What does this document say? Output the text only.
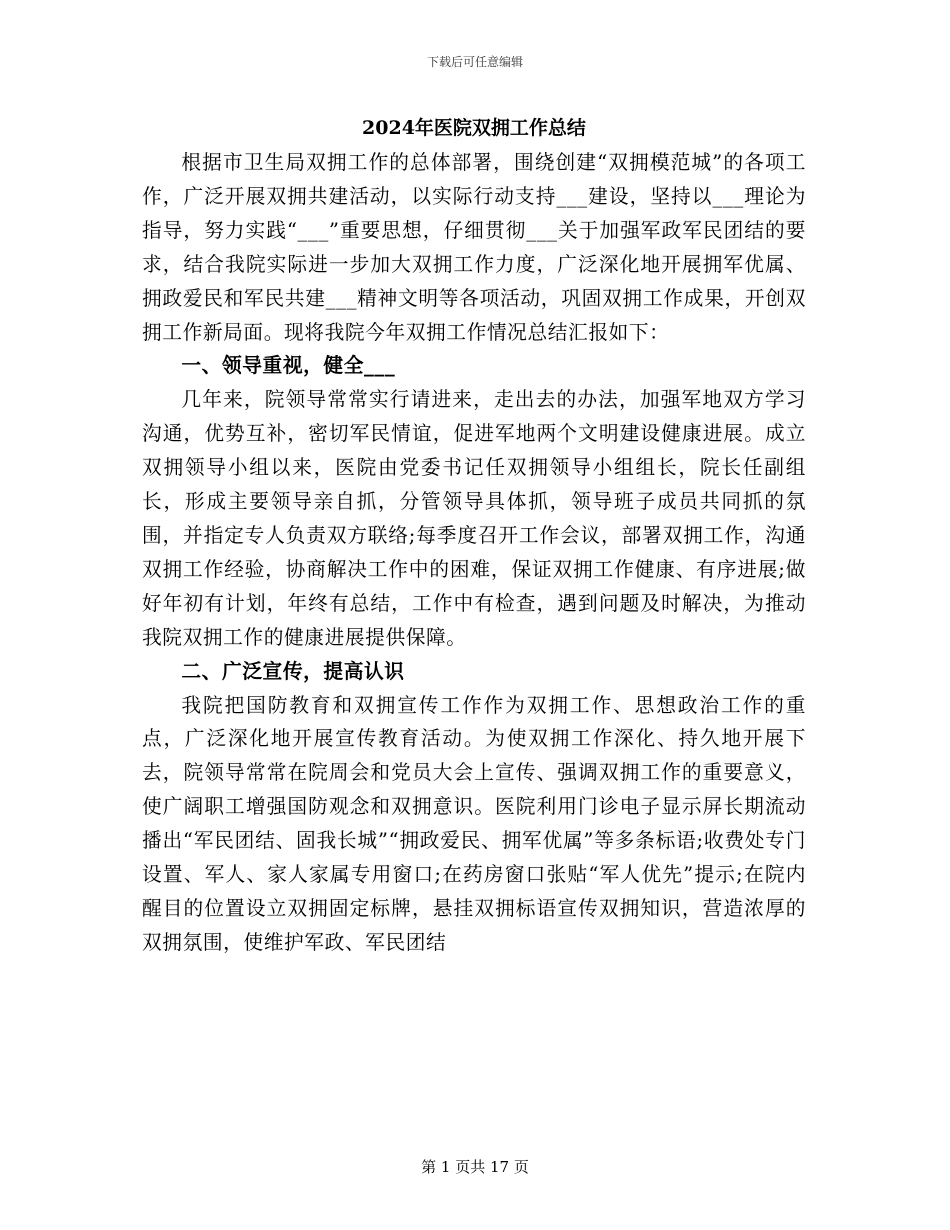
下载后可任意编辑

2024年医院双拥工作总结

根据市卫生局双拥工作的总体部署，围绕创建“双拥模范城”的各项工作，广泛开展双拥共建活动，以实际行动支持___建设，坚持以___理论为指导，努力实践“___”重要思想，仔细贯彻___关于加强军政军民团结的要求，结合我院实际进一步加大双拥工作力度，广泛深化地开展拥军优属、拥政爱民和军民共建___精神文明等各项活动，巩固双拥工作成果，开创双拥工作新局面。现将我院今年双拥工作情况总结汇报如下：

一、领导重视，健全___

几年来，院领导常常实行请进来，走出去的办法，加强军地双方学习沟通，优势互补，密切军民情谊，促进军地两个文明建设健康进展。成立双拥领导小组以来，医院由党委书记任双拥领导小组组长，院长任副组长，形成主要领导亲自抓，分管领导具体抓，领导班子成员共同抓的氛围，并指定专人负责双方联络;每季度召开工作会议，部署双拥工作，沟通双拥工作经验，协商解决工作中的困难，保证双拥工作健康、有序进展;做好年初有计划，年终有总结，工作中有检查，遇到问题及时解决，为推动我院双拥工作的健康进展提供保障。

二、广泛宣传，提高认识

我院把国防教育和双拥宣传工作作为双拥工作、思想政治工作的重点，广泛深化地开展宣传教育活动。为使双拥工作深化、持久地开展下去，院领导常常在院周会和党员大会上宣传、强调双拥工作的重要意义，使广阔职工增强国防观念和双拥意识。医院利用门诊电子显示屏长期流动播出“军民团结、固我长城”“拥政爱民、拥军优属”等多条标语;收费处专门设置、军人、家人家属专用窗口;在药房窗口张贴“军人优先”提示;在院内醒目的位置设立双拥固定标牌，悬挂双拥标语宣传双拥知识，营造浓厚的双拥氛围，使维护军政、军民团结

第 1 页共 17 页
